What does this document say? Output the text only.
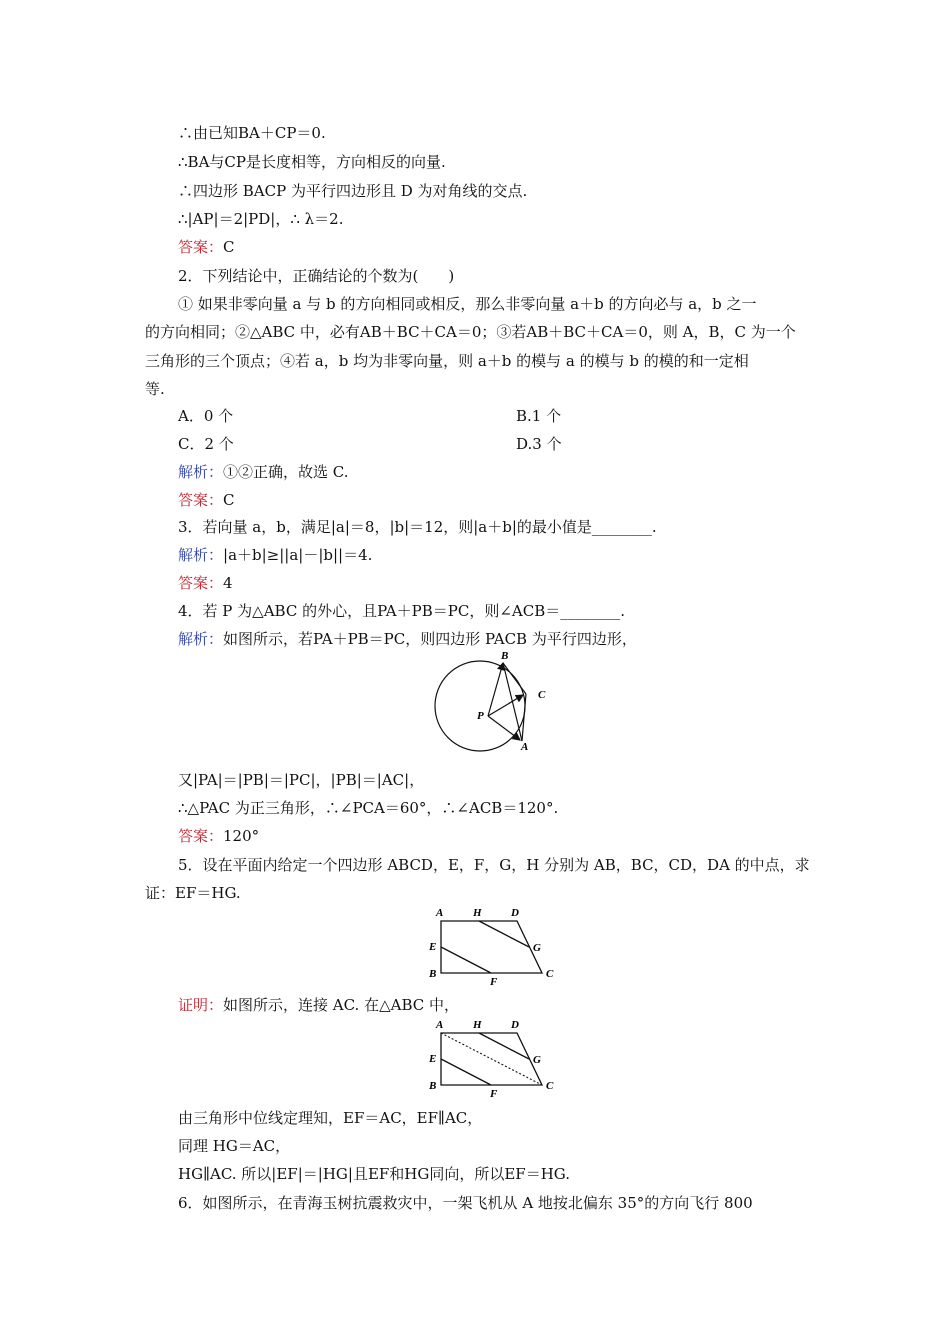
∴由已知BA＋CP＝0.
∴BA与CP是长度相等，方向相反的向量.
∴四边形 BACP 为平行四边形且 D 为对角线的交点.
∴|AP|＝2|PD|，∴ λ＝2.
答案：C
2．下列结论中，正确结论的个数为(　　)
① 如果非零向量 a 与 b 的方向相同或相反，那么非零向量 a＋b 的方向必与 a，b 之一
的方向相同；②△ABC 中，必有AB＋BC＋CA＝0；③若AB＋BC＋CA＝0，则 A，B，C 为一个
三角形的三个顶点；④若 a，b 均为非零向量，则 a＋b 的模与 a 的模与 b 的模的和一定相
等.
A．0 个	B.1 个
C．2 个	D.3 个
解析：①②正确，故选 C.
答案：C
3．若向量 a，b，满足|a|＝8，|b|＝12，则|a＋b|的最小值是________.
解析：|a＋b|≥||a|－|b||＝4.
答案：4
4．若 P 为△ABC 的外心，且PA＋PB＝PC，则∠ACB＝________.
解析：如图所示，若PA＋PB＝PC，则四边形 PACB 为平行四边形，
B
C
P
A
又|PA|＝|PB|＝|PC|，|PB|＝|AC|，
∴△PAC 为正三角形，∴∠PCA＝60°，∴∠ACB＝120°.
答案：120°
5．设在平面内给定一个四边形 ABCD，E，F，G，H 分别为 AB，BC，CD，DA 的中点，求
证：EF＝HG.
A	H	D
E	G
B
F
C
证明：如图所示，连接 AC. 在△ABC 中，
A	H	D
E	G
B
F
C
由三角形中位线定理知，EF＝AC，EF∥AC，
同理 HG＝AC，
HG∥AC. 所以|EF|＝|HG|且EF和HG同向，所以EF＝HG.
6．如图所示，在青海玉树抗震救灾中，一架飞机从 A 地按北偏东 35°的方向飞行 800
